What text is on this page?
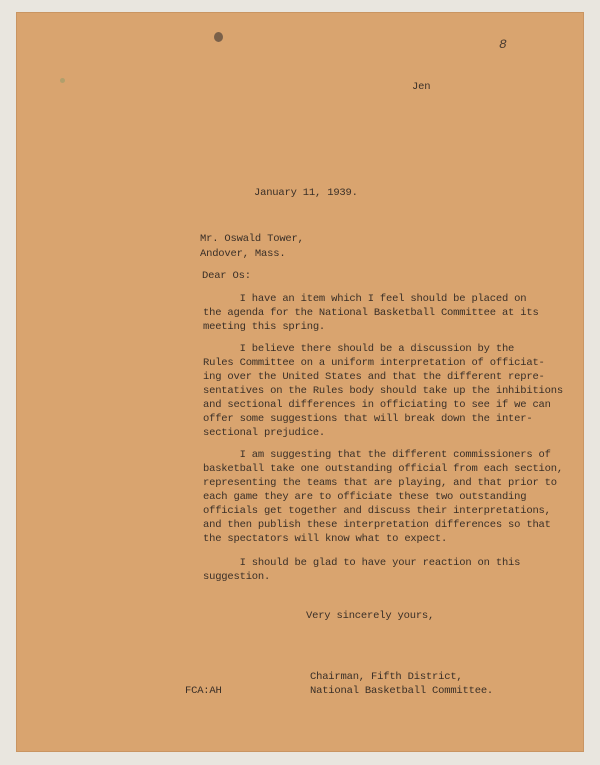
8
Jen
January 11, 1939.
Mr. Oswald Tower,
Andover, Mass.
Dear Os:
I have an item which I feel should be placed on
the agenda for the National Basketball Committee at its
meeting this spring.
I believe there should be a discussion by the
Rules Committee on a uniform interpretation of officiat-
ing over the United States and that the different repre-
sentatives on the Rules body should take up the inhibitions
and sectional differences in officiating to see if we can
offer some suggestions that will break down the inter-
sectional prejudice.
I am suggesting that the different commissioners of
basketball take one outstanding official from each section,
representing the teams that are playing, and that prior to
each game they are to officiate these two outstanding
officials get together and discuss their interpretations,
and then publish these interpretation differences so that
the spectators will know what to expect.
I should be glad to have your reaction on this
suggestion.
Very sincerely yours,
Chairman, Fifth District,
FCA:AH	National Basketball Committee.
